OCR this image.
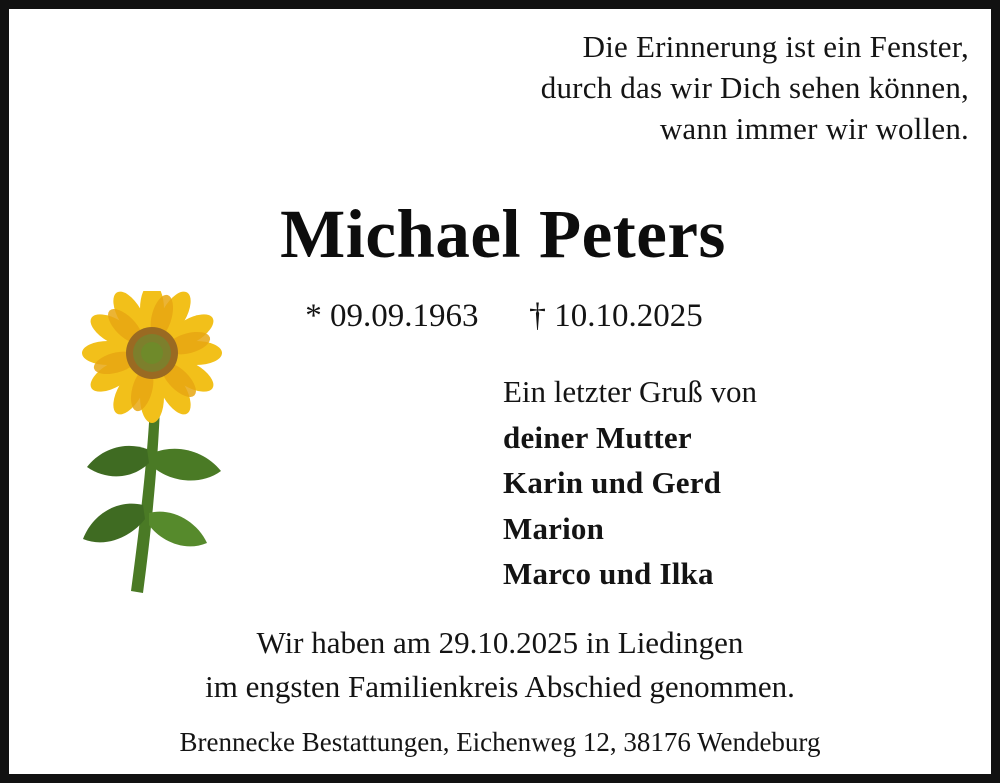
Die Erinnerung ist ein Fenster,
durch das wir Dich sehen können,
wann immer wir wollen.
Michael Peters
* 09.09.1963 † 10.10.2025
Ein letzter Gruß von
deiner Mutter
Karin und Gerd
Marion
Marco und Ilka
Wir haben am 29.10.2025 in Liedingen
im engsten Familienkreis Abschied genommen.
Brennecke Bestattungen, Eichenweg 12, 38176 Wendeburg
